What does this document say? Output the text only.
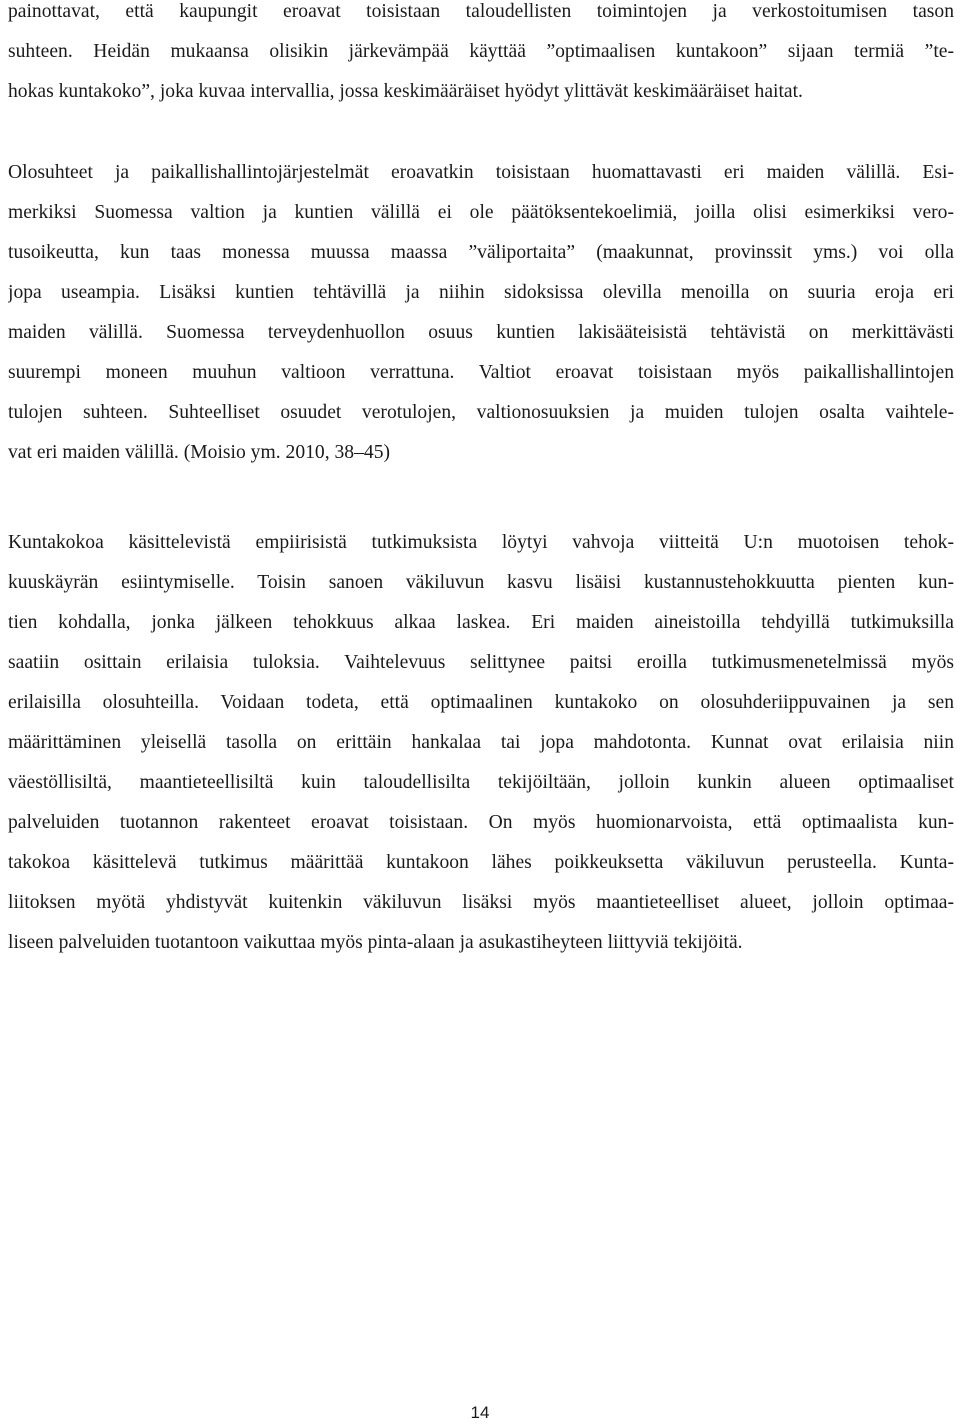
painottavat, että kaupungit eroavat toisistaan taloudellisten toimintojen ja verkostoitumisen tason
suhteen. Heidän mukaansa olisikin järkevämpää käyttää ”optimaalisen kuntakoon” sijaan termiä ”te-
hokas kuntakoko”, joka kuvaa intervallia, jossa keskimääräiset hyödyt ylittävät keskimääräiset haitat.
Olosuhteet ja paikallishallintojärjestelmät eroavatkin toisistaan huomattavasti eri maiden välillä. Esi-
merkiksi Suomessa valtion ja kuntien välillä ei ole päätöksentekoelimiä, joilla olisi esimerkiksi vero-
tusoikeutta, kun taas monessa muussa maassa ”väliportaita” (maakunnat, provinssit yms.) voi olla
jopa useampia. Lisäksi kuntien tehtävillä ja niihin sidoksissa olevilla menoilla on suuria eroja eri
maiden välillä. Suomessa terveydenhuollon osuus kuntien lakisääteisistä tehtävistä on merkittävästi
suurempi moneen muuhun valtioon verrattuna. Valtiot eroavat toisistaan myös paikallishallintojen
tulojen suhteen. Suhteelliset osuudet verotulojen, valtionosuuksien ja muiden tulojen osalta vaihtele-
vat eri maiden välillä. (Moisio ym. 2010, 38–45)
Kuntakokoa käsittelevistä empiirisistä tutkimuksista löytyi vahvoja viitteitä U:n muotoisen tehok-
kuuskäyrän esiintymiselle. Toisin sanoen väkiluvun kasvu lisäisi kustannustehokkuutta pienten kun-
tien kohdalla, jonka jälkeen tehokkuus alkaa laskea. Eri maiden aineistoilla tehdyillä tutkimuksilla
saatiin osittain erilaisia tuloksia. Vaihtelevuus selittynee paitsi eroilla tutkimusmenetelmissä myös
erilaisilla olosuhteilla. Voidaan todeta, että optimaalinen kuntakoko on olosuhderiippuvainen ja sen
määrittäminen yleisellä tasolla on erittäin hankalaa tai jopa mahdotonta. Kunnat ovat erilaisia niin
väestöllisiltä, maantieteellisiltä kuin taloudellisilta tekijöiltään, jolloin kunkin alueen optimaaliset
palveluiden tuotannon rakenteet eroavat toisistaan. On myös huomionarvoista, että optimaalista kun-
takokoa käsittelevä tutkimus määrittää kuntakoon lähes poikkeuksetta väkiluvun perusteella. Kunta-
liitoksen myötä yhdistyvät kuitenkin väkiluvun lisäksi myös maantieteelliset alueet, jolloin optimaa-
liseen palveluiden tuotantoon vaikuttaa myös pinta-alaan ja asukastiheyteen liittyviä tekijöitä.
14
